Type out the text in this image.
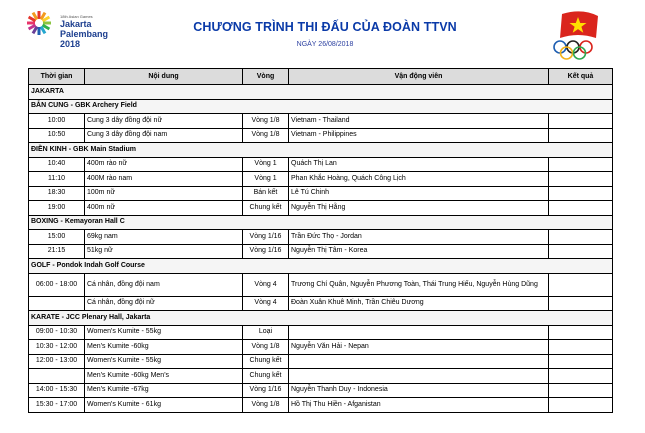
18th Asian Games
Jakarta
Palembang
2018
CHƯƠNG TRÌNH THI ĐẤU CỦA ĐOÀN TTVN
NGÀY 26/08/2018
Thời gian	Nội dung	Vòng	Vận động viên	Kết quả
JAKARTA				
BẮN CUNG - GBK Archery Field				
10:00	Cung 3 dây đồng đội nữ	Vòng 1/8	Vietnam - Thailand	
10:50	Cung 3 dây đồng đội nam	Vòng 1/8	Vietnam - Philippines	
ĐIỀN KINH - GBK Main Stadium				
10:40	400m rào nữ	Vòng 1	Quách Thị Lan	
11:10	400M rào nam	Vòng 1	Phan Khắc Hoàng, Quách Công Lịch	
18:30	100m nữ	Bán kết	Lê Tú Chinh	
19:00	400m nữ	Chung kết	Nguyễn Thị Hằng	
BOXING - Kemayoran Hall C				
15:00	69kg nam	Vòng 1/16	Trần Đức Thọ - Jordan	
21:15	51kg nữ	Vòng 1/16	Nguyễn Thị Tâm - Korea	
GOLF - Pondok Indah Golf Course				
06:00 - 18:00	Cá nhân, đồng đội nam	Vòng 4	Trương Chí Quân, Nguyễn Phương Toàn, Thái Trung Hiếu, Nguyễn Hùng Dũng	
	Cá nhân, đồng đội nữ	Vòng 4	Đoàn Xuân Khuê Minh, Trần Chiêu Dương	
KARATE - JCC Plenary Hall, Jakarta				
09:00 - 10:30	Women's Kumite - 55kg	Loại		
10:30 - 12:00	Men's Kumite -60kg	Vòng 1/8	Nguyễn Văn Hải - Nepan	
12:00 - 13:00	Women's Kumite - 55kg	Chung kết		
	Men's Kumite -60kg Men's	Chung kết		
14:00 - 15:30	Men's Kumite -67kg	Vòng 1/16	Nguyễn Thanh Duy - Indonesia	
15:30 - 17:00	Women's Kumite - 61kg	Vòng 1/8	Hồ Thị Thu Hiền - Afganistan	
